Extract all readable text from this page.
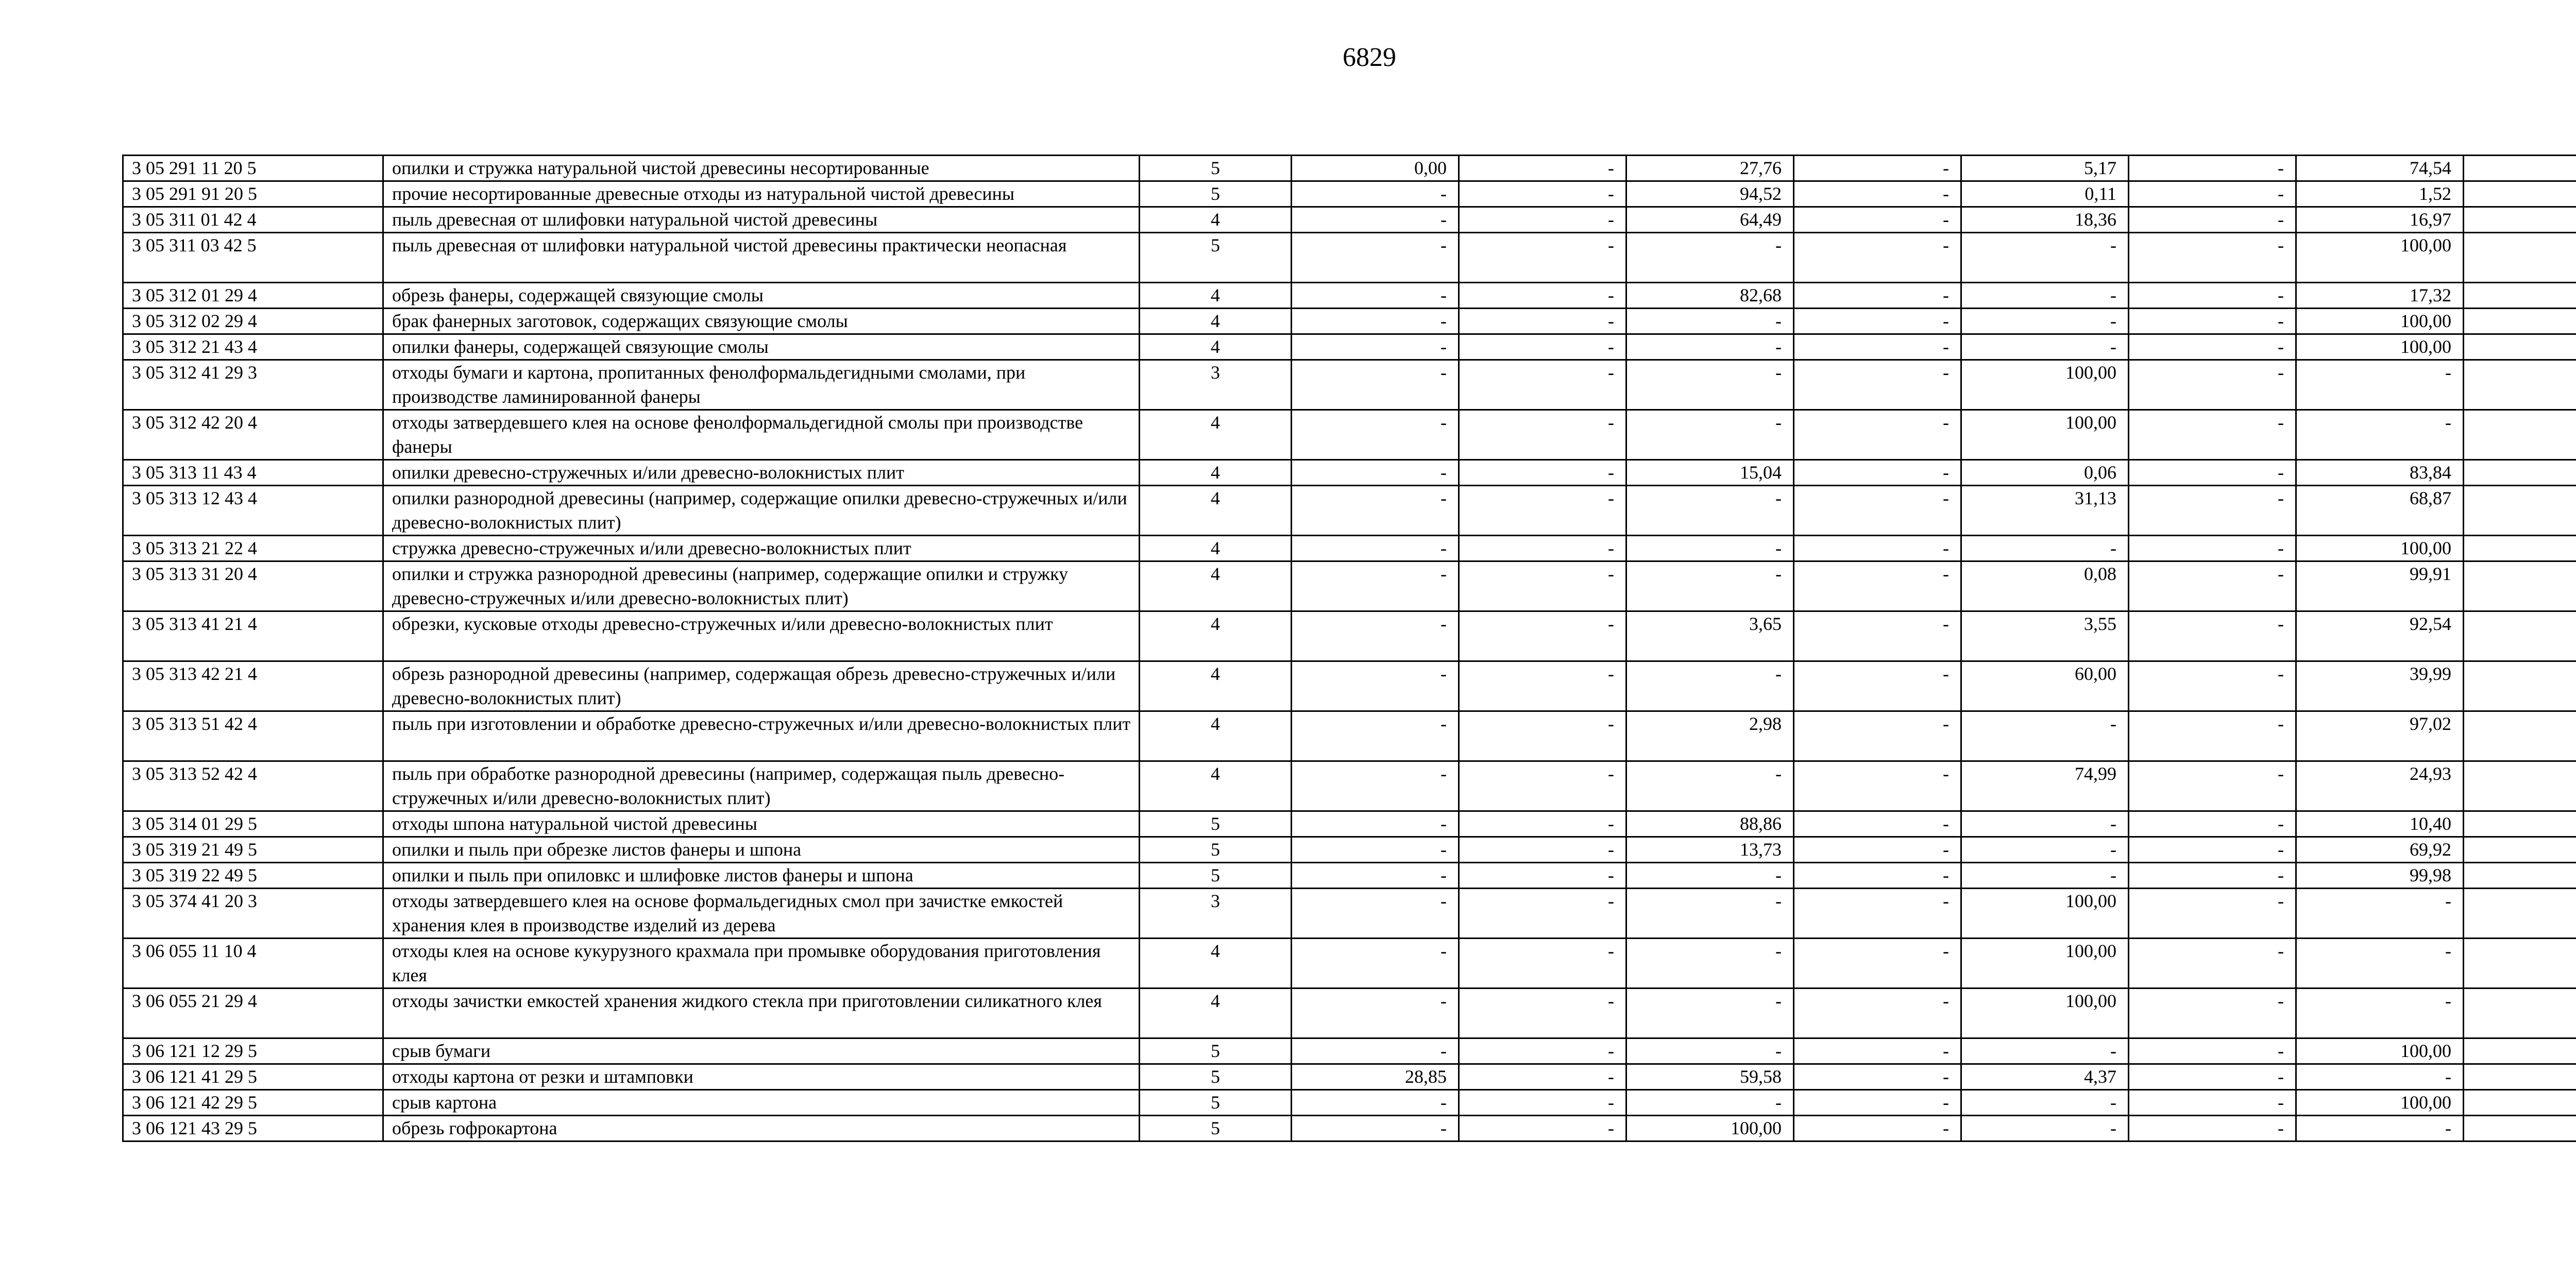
6829
3 05 291 11 20 5	опилки и стружка натуральной чистой древесины несортированные	5	0,00	-	27,76	-	5,17	-	74,54	
3 05 291 91 20 5	прочие несортированные древесные отходы из натуральной чистой древесины	5	-	-	94,52	-	0,11	-	1,52	
3 05 311 01 42 4	пыль древесная от шлифовки натуральной чистой древесины	4	-	-	64,49	-	18,36	-	16,97	
3 05 311 03 42 5	пыль древесная от шлифовки натуральной чистой древесины практически неопасная	5	-	-	-	-	-	-	100,00	
3 05 312 01 29 4	обрезь фанеры, содержащей связующие смолы	4	-	-	82,68	-	-	-	17,32	
3 05 312 02 29 4	брак фанерных заготовок, содержащих связующие смолы	4	-	-	-	-	-	-	100,00	
3 05 312 21 43 4	опилки фанеры, содержащей связующие смолы	4	-	-	-	-	-	-	100,00	
3 05 312 41 29 3	отходы бумаги и картона, пропитанных фенолформальдегидными смолами, при производстве ламинированной фанеры	3	-	-	-	-	100,00	-	-	
3 05 312 42 20 4	отходы затвердевшего клея на основе фенолформальдегидной смолы при производстве фанеры	4	-	-	-	-	100,00	-	-	
3 05 313 11 43 4	опилки древесно-стружечных и/или древесно-волокнистых плит	4	-	-	15,04	-	0,06	-	83,84	
3 05 313 12 43 4	опилки разнородной древесины (например, содержащие опилки древесно-стружечных и/или древесно-волокнистых плит)	4	-	-	-	-	31,13	-	68,87	
3 05 313 21 22 4	стружка древесно-стружечных и/или древесно-волокнистых плит	4	-	-	-	-	-	-	100,00	
3 05 313 31 20 4	опилки и стружка разнородной древесины (например, содержащие опилки и стружку древесно-стружечных и/или древесно-волокнистых плит)	4	-	-	-	-	0,08	-	99,91	
3 05 313 41 21 4	обрезки, кусковые отходы древесно-стружечных и/или древесно-волокнистых плит	4	-	-	3,65	-	3,55	-	92,54	
3 05 313 42 21 4	обрезь разнородной древесины (например, содержащая обрезь древесно-стружечных и/или древесно-волокнистых плит)	4	-	-	-	-	60,00	-	39,99	
3 05 313 51 42 4	пыль при изготовлении и обработке древесно-стружечных и/или древесно-волокнистых плит	4	-	-	2,98	-	-	-	97,02	
3 05 313 52 42 4	пыль при обработке разнородной древесины (например, содержащая пыль древесно-стружечных и/или древесно-волокнистых плит)	4	-	-	-	-	74,99	-	24,93	
3 05 314 01 29 5	отходы шпона натуральной чистой древесины	5	-	-	88,86	-	-	-	10,40	
3 05 319 21 49 5	опилки и пыль при обрезке листов фанеры и шпона	5	-	-	13,73	-	-	-	69,92	
3 05 319 22 49 5	опилки и пыль при опиловкс и шлифовке листов фанеры и шпона	5	-	-	-	-	-	-	99,98	
3 05 374 41 20 3	отходы затвердевшего клея на основе формальдегидных смол при зачистке емкостей хранения клея в производстве изделий из дерева	3	-	-	-	-	100,00	-	-	
3 06 055 11 10 4	отходы клея на основе кукурузного крахмала при промывке оборудования приготовления клея	4	-	-	-	-	100,00	-	-	
3 06 055 21 29 4	отходы зачистки емкостей хранения жидкого стекла при приготовлении силикатного клея	4	-	-	-	-	100,00	-	-	
3 06 121 12 29 5	срыв бумаги	5	-	-	-	-	-	-	100,00	
3 06 121 41 29 5	отходы картона от резки и штамповки	5	28,85	-	59,58	-	4,37	-	-	
3 06 121 42 29 5	срыв картона	5	-	-	-	-	-	-	100,00	
3 06 121 43 29 5	обрезь гофрокартона	5	-	-	100,00	-	-	-	-	
